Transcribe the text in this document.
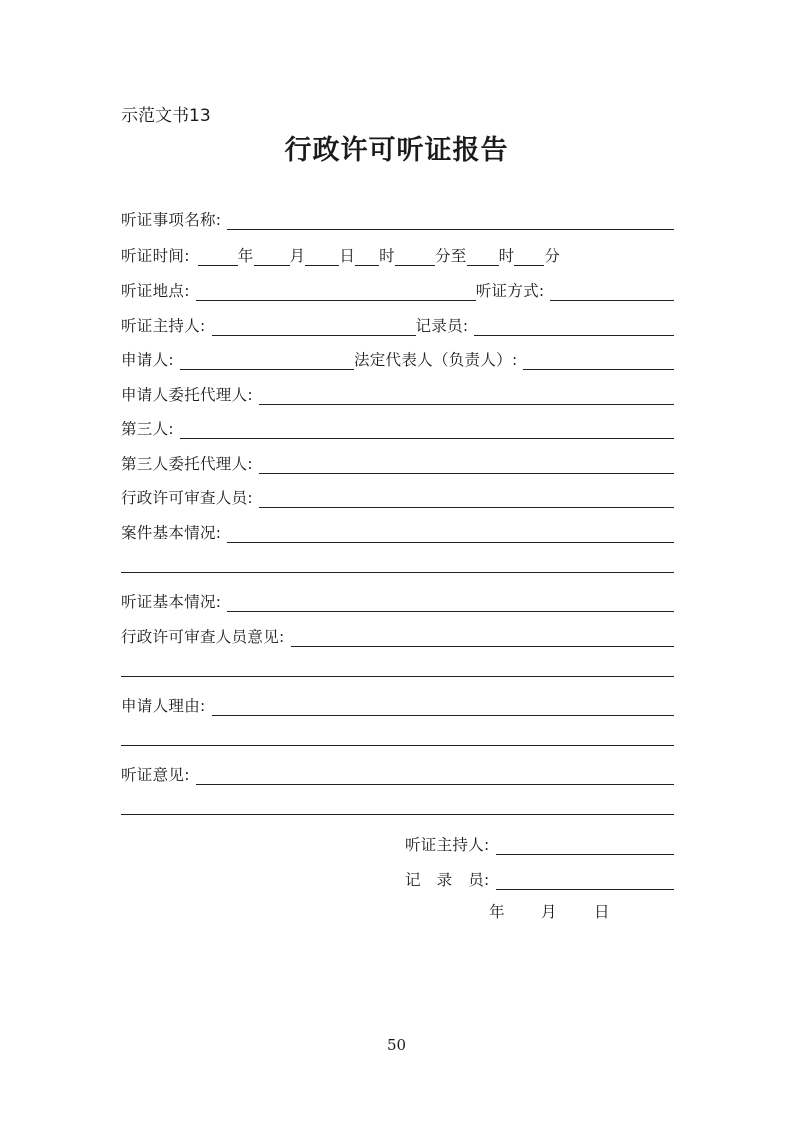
示范文书13
行政许可听证报告
听证事项名称:
听证时间:	年 月 日 时	分至 时 分
听证地点:	听证方式:
听证主持人:	记录员:
申请人:	法定代表人（负责人）:
申请人委托代理人:
第三人:
第三人委托代理人:
行政许可审查人员:
案件基本情况:
听证基本情况:
行政许可审查人员意见:
申请人理由:
听证意见:
听证主持人:
记　录　员:
年 月 日
50
